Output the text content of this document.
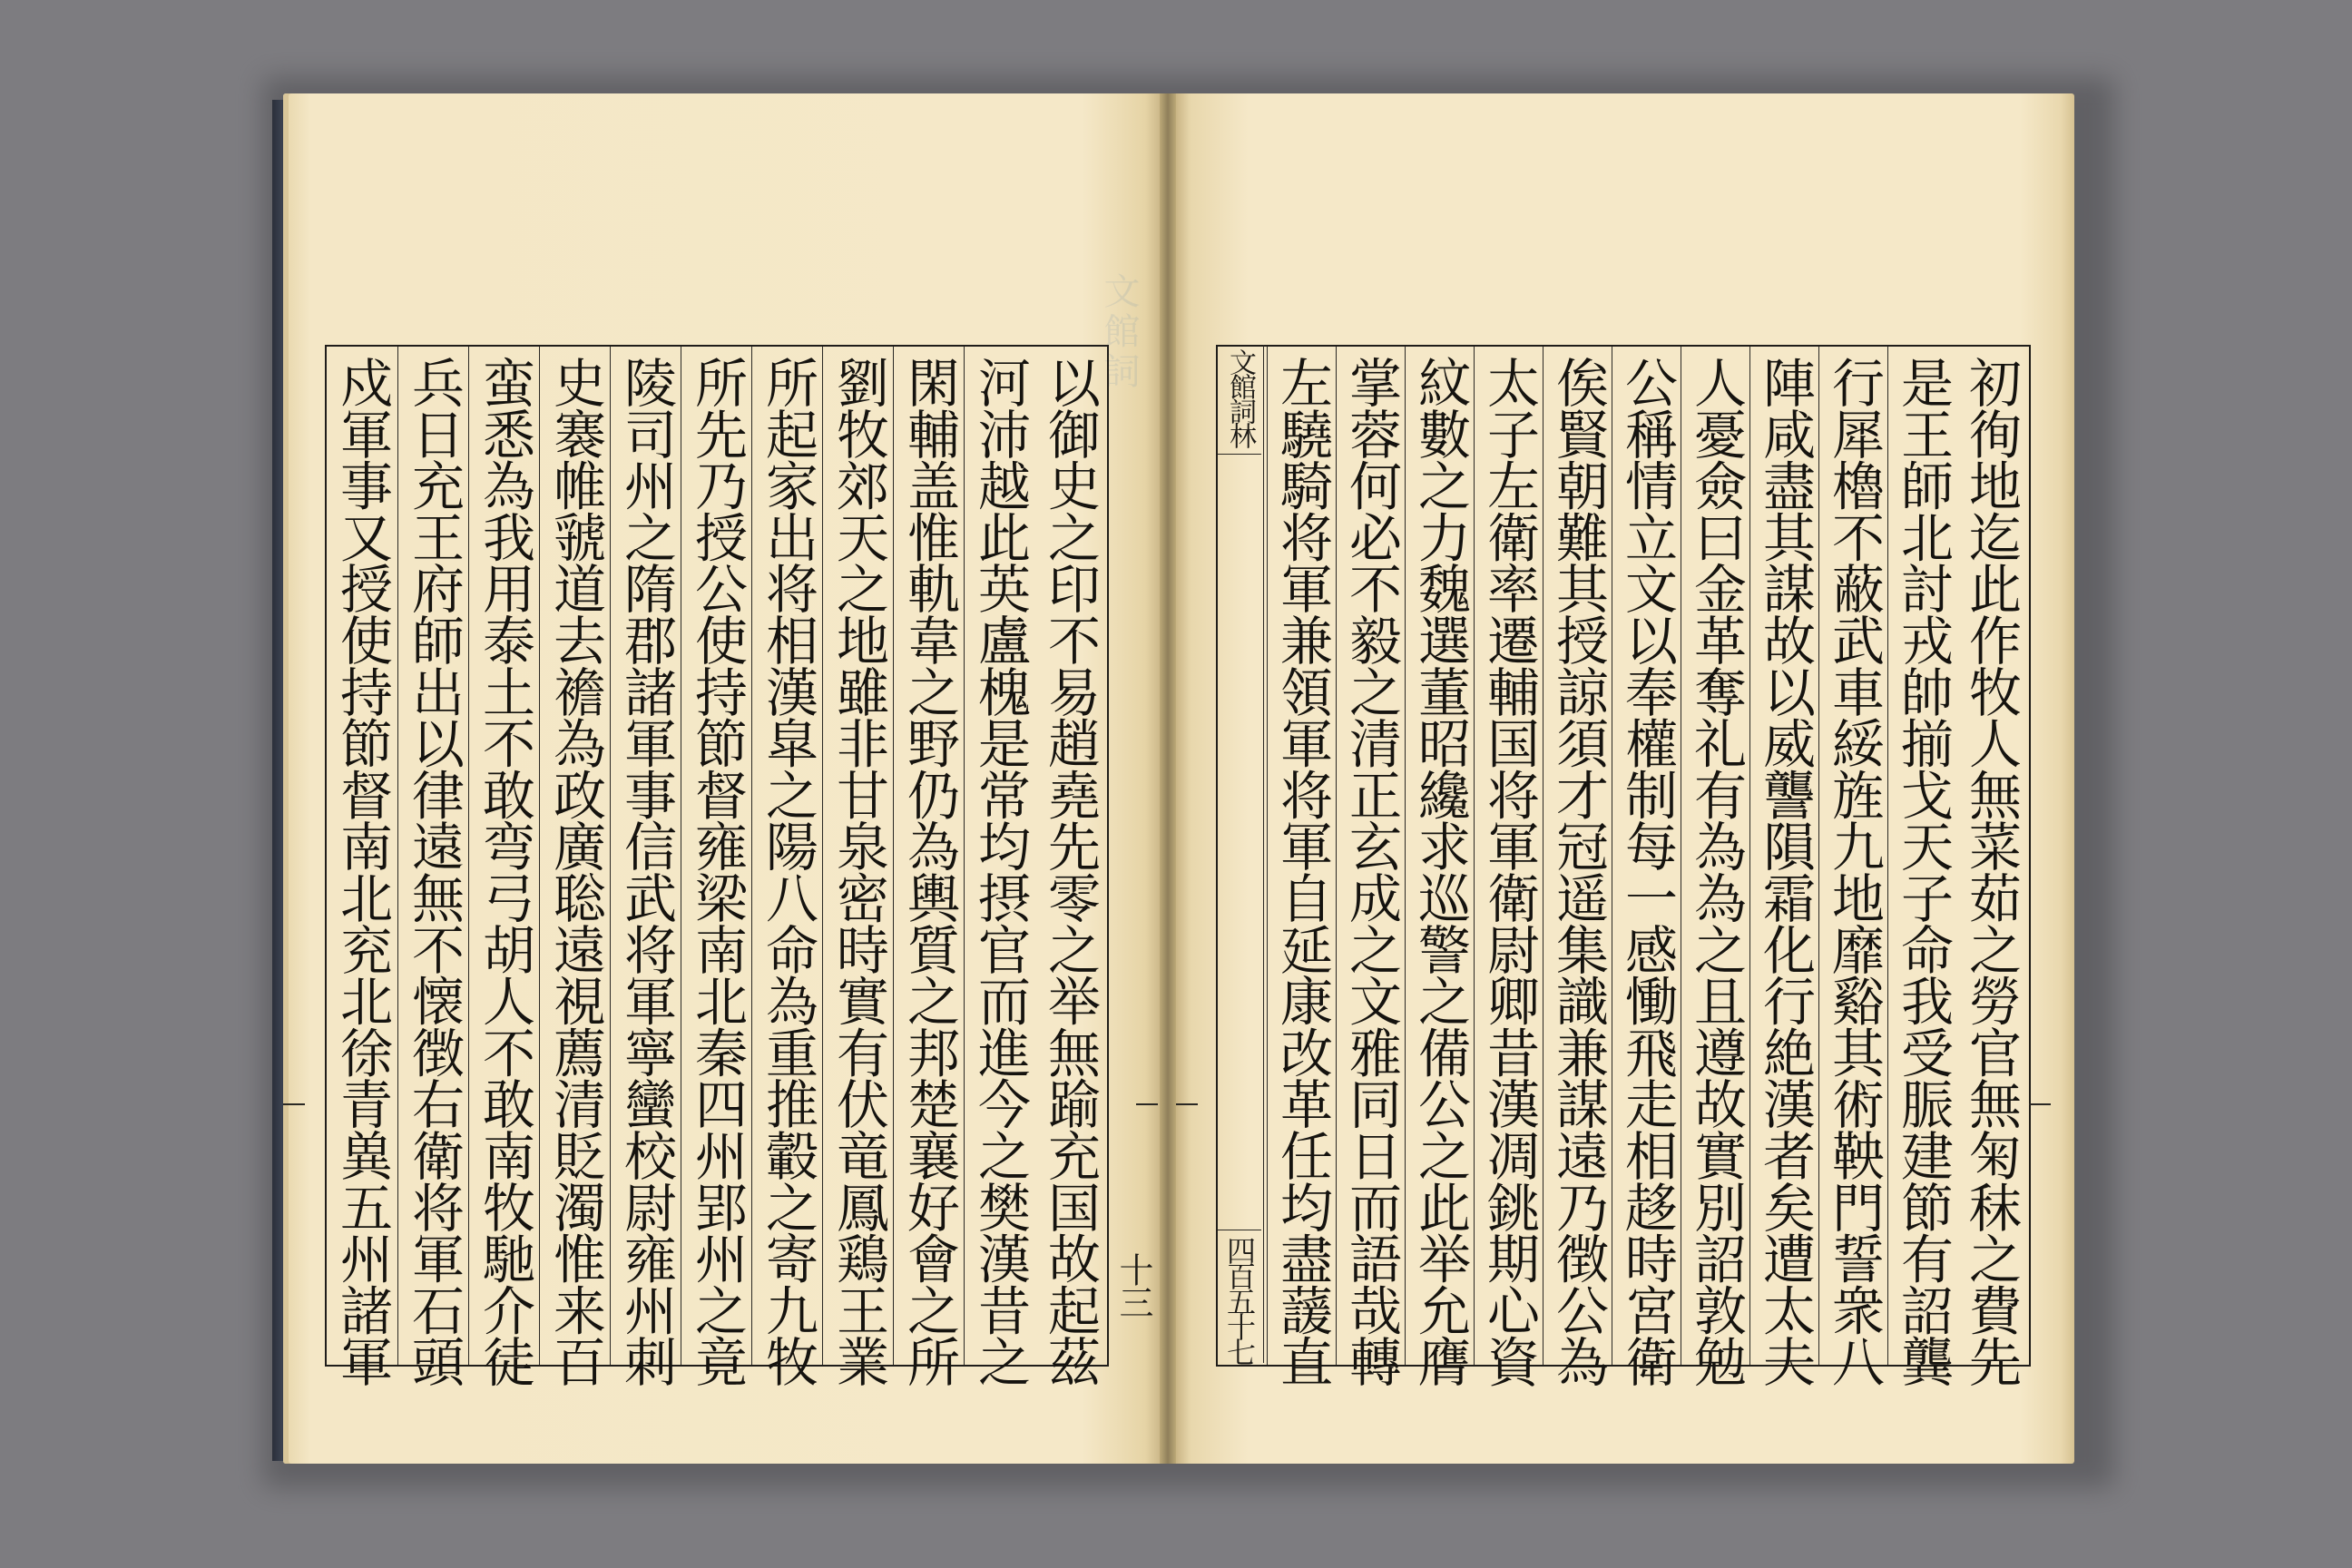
文館詞
以御史之印不易趙堯先零之举無踰充国故起茲
河沛越此英盧槐是常均摂官而進今之樊漢昔之
閑輔盖惟軌韋之野仍為輿質之邦楚襄好會之所
劉牧郊天之地雖非甘泉密時實有伏竜鳳鶏王業
所起家出将相漢皐之陽八命為重推轂之寄九牧
所先乃授公使持節督雍梁南北秦四州郢州之竟
陵司州之隋郡諸軍事信武将軍寧蠻校尉雍州刺
史褰帷虢道去襜為政廣聡遠視薦清貶濁惟来百
蛮悉為我用泰土不敢弯弓胡人不敢南牧馳介徒
兵日充王府師出以律遠無不懐徴右衛将軍石頭
戍軍事又授使持節督南北兖北徐青兾五州諸軍	十三	初徇地迄此作牧人無菜茹之勞官無匊秣之費先
是王師北討戎帥揃戈天子命我受脤建節有詔龔
行犀櫓不蔽武車綏旌九地靡谿其術鞅門誓衆八
陣咸盡其謀故以威讋隕霜化行絶漢者矣遭太夫
人憂僉曰金革奪礼有為為之且遵故實別詔敦勉
公稱情立文以奉權制每一感慟飛走相趍時宮衛
俟賢朝難其授諒須才冠遥集識兼謀遠乃徴公為
太子左衛率遷輔国将軍衛尉卿昔漢凋銚期心資
紋數之力魏選董昭纔求巡警之備公之此举允膺
掌蓉何必不毅之清正玄成之文雅同日而語哉轉
左驍騎将軍兼領軍将軍自延康改革任均盡蘐直
文館詞林
四百五十七
